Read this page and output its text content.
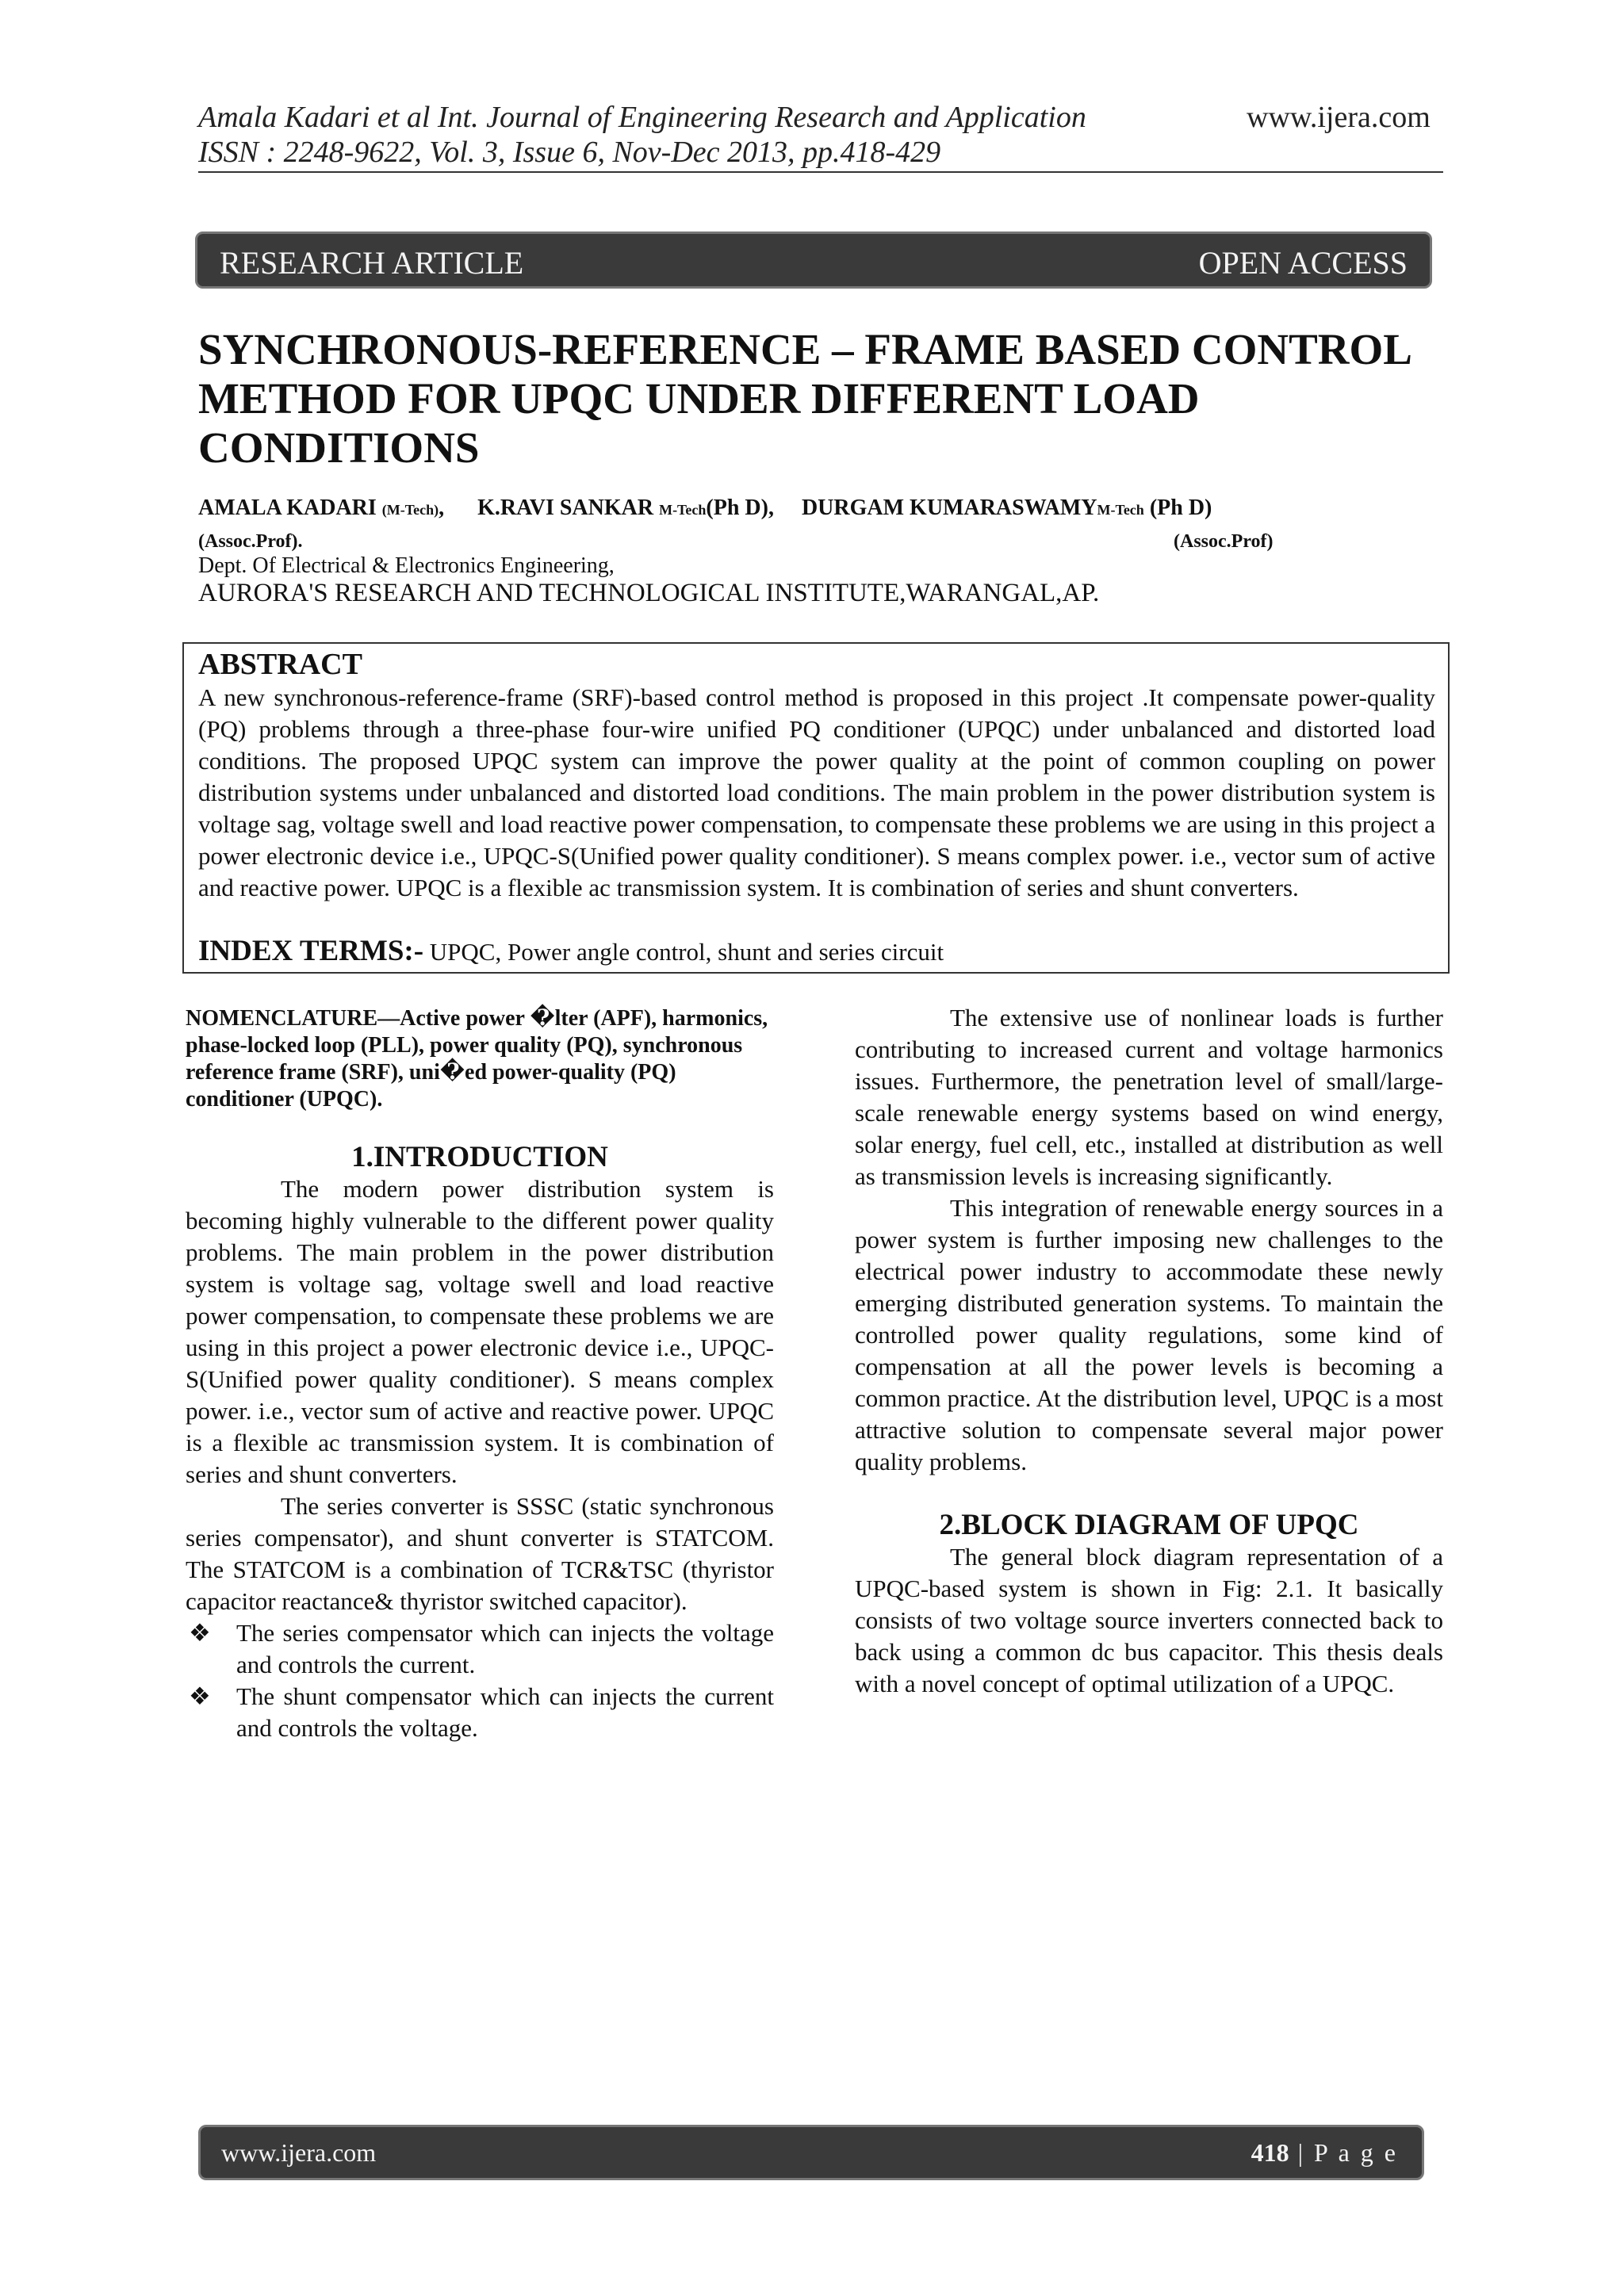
Amala Kadari et al Int. Journal of Engineering Research and Application
ISSN : 2248-9622, Vol. 3, Issue 6, Nov-Dec 2013, pp.418-429
www.ijera.com
RESEARCH ARTICLE	OPEN ACCESS
SYNCHRONOUS-REFERENCE – FRAME BASED CONTROL METHOD FOR UPQC UNDER DIFFERENT LOAD CONDITIONS
AMALA KADARI (M-Tech), K.RAVI SANKAR M-Tech(Ph D), DURGAM KUMARASWAMYM-Tech (Ph D)
(Assoc.Prof).	(Assoc.Prof)
Dept. Of Electrical & Electronics Engineering,
AURORA'S RESEARCH AND TECHNOLOGICAL INSTITUTE,WARANGAL,AP.
ABSTRACT
A new synchronous-reference-frame (SRF)-based control method is proposed in this project .It compensate power-quality (PQ) problems through a three-phase four-wire unified PQ conditioner (UPQC) under unbalanced and distorted load conditions. The proposed UPQC system can improve the power quality at the point of common coupling on power distribution systems under unbalanced and distorted load conditions. The main problem in the power distribution system is voltage sag, voltage swell and load reactive power compensation, to compensate these problems we are using in this project a power electronic device i.e., UPQC-S(Unified power quality conditioner). S means complex power. i.e., vector sum of active and reactive power. UPQC is a flexible ac transmission system. It is combination of series and shunt converters.
INDEX TERMS:- UPQC, Power angle control, shunt and series circuit
NOMENCLATURE—Active power �lter (APF), harmonics, phase-locked loop (PLL), power quality (PQ), synchronous reference frame (SRF), uni�ed power-quality (PQ) conditioner (UPQC).
1.INTRODUCTION

The modern power distribution system is becoming highly vulnerable to the different power quality problems. The main problem in the power distribution system is voltage sag, voltage swell and load reactive power compensation, to compensate these problems we are using in this project a power electronic device i.e., UPQC-S(Unified power quality conditioner). S means complex power. i.e., vector sum of active and reactive power. UPQC is a flexible ac transmission system. It is combination of series and shunt converters.

The series converter is SSSC (static synchronous series compensator), and shunt converter is STATCOM. The STATCOM is a combination of TCR&TSC (thyristor capacitor reactance& thyristor switched capacitor).

❖ The series compensator which can injects the voltage and controls the current.
❖ The shunt compensator which can injects the current and controls the voltage.

The extensive use of nonlinear loads is further contributing to increased current and voltage harmonics issues. Furthermore, the penetration level of small/large-scale renewable energy systems based on wind energy, solar energy, fuel cell, etc., installed at distribution as well as transmission levels is increasing significantly.

This integration of renewable energy sources in a power system is further imposing new challenges to the electrical power industry to accommodate these newly emerging distributed generation systems. To maintain the controlled power quality regulations, some kind of compensation at all the power levels is becoming a common practice. At the distribution level, UPQC is a most attractive solution to compensate several major power quality problems.

2.BLOCK DIAGRAM OF UPQC

The general block diagram representation of a UPQC-based system is shown in Fig: 2.1. It basically consists of two voltage source inverters connected back to back using a common dc bus capacitor. This thesis deals with a novel concept of optimal utilization of a UPQC.

www.ijera.com	418 | P a g e
